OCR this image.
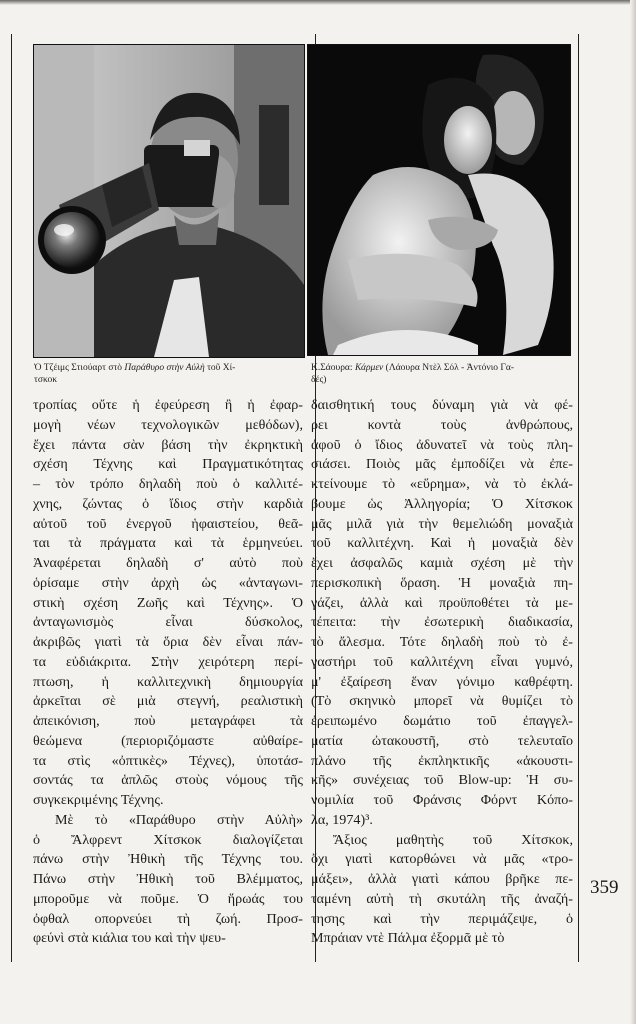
Ὁ Τζέιμς Στιούαρτ στὸ Παράθυρο στὴν Αὐλὴ τοῦ Χί-
τσκοκ
Κ.Σάουρα: Κάρμεν (Λάουρα Ντὲλ Σόλ - Ἀντόνιο Γα-
δές)
τροπίας οὔτε ἡ ἐφεύρεση ἢ ἡ ἐφαρ-
μογὴ νέων τεχνολογικῶν μεθόδων),
ἔχει πάντα σὰν βάση τὴν ἐκρηκτικὴ
σχέση Τέχνης καὶ Πραγματικότητας
– τὸν τρόπο δηλαδὴ ποὺ ὁ καλλιτέ-
χνης, ζώντας ὁ ἴδιος στὴν καρδιὰ
αὐτοῦ τοῦ ἐνεργοῦ ἡφαιστείου, θεᾶ-
ται τὰ πράγματα καὶ τὰ ἑρμηνεύει.
Ἀναφέρεται δηλαδὴ σ' αὐτὸ ποὺ
ὁρίσαμε στὴν ἀρχὴ ὡς «ἀνταγωνι-
στικὴ σχέση Ζωῆς καὶ Τέχνης». Ὁ
ἀνταγωνισμὸς εἶναι δύσκολος,
ἀκριβῶς γιατὶ τὰ ὅρια δὲν εἶναι πάν-
τα εὐδιάκριτα. Στὴν χειρότερη περί-
πτωση, ἡ καλλιτεχνικὴ δημιουργία
ἀρκεῖται σὲ μιὰ στεγνή, ρεαλιστικὴ
ἀπεικόνιση, ποὺ μεταγράφει τὰ
θεώμενα (περιοριζόμαστε αὐθαίρε-
τα στὶς «ὀπτικὲς» Τέχνες), ὑποτάσ-
σοντάς τα ἁπλῶς στοὺς νόμους τῆς
συγκεκριμένης Τέχνης.
Μὲ τὸ «Παράθυρο στὴν Αὐλὴ»
ὁ Ἄλφρεντ Χίτσκοκ διαλογίζεται
πάνω στὴν Ἠθικὴ τῆς Τέχνης του.
Πάνω στὴν Ἠθικὴ τοῦ Βλέμματος,
μποροῦμε νὰ ποῦμε. Ὁ ἥρωάς του
ὀφθαλ οπορνεύει τὴ ζωή. Προσ-
φεύνὶ στὰ κιάλια του καὶ τὴν ψευ-
δαισθητική τους δύναμη γιὰ νὰ φέ-
ρει κοντὰ τοὺς ἀνθρώπους,
ἀφοῦ ὁ ἴδιος ἀδυνατεῖ νὰ τοὺς πλη-
σιάσει. Ποιὸς μᾶς ἐμποδίζει νὰ ἐπε-
κτείνουμε τὸ «εὕρημα», νὰ τὸ ἐκλά-
βουμε ὡς Ἀλληγορία; Ὁ Χίτσκοκ
μᾶς μιλᾶ γιὰ τὴν θεμελιώδη μοναξιὰ
τοῦ καλλιτέχνη. Καὶ ἡ μοναξιὰ δὲν
ἔχει ἀσφαλῶς καμιὰ σχέση μὲ τὴν
περισκοπικὴ ὅραση. Ἡ μοναξιὰ πη-
γάζει, ἀλλὰ καὶ προϋποθέτει τὰ με-
τέπειτα: τὴν ἐσωτερικὴ διαδικασία,
τὸ ἄλεσμα. Τότε δηλαδὴ ποὺ τὸ ἐ-
γαστήρι τοῦ καλλιτέχνη εἶναι γυμνό,
μ' ἐξαίρεση ἕναν γόνιμο καθρέφτη.
(Τὸ σκηνικὸ μπορεῖ νὰ θυμίζει τὸ
ἐρειπωμένο δωμάτιο τοῦ ἐπαγγελ-
ματία ὠτακουστῆ, στὸ τελευταῖο
πλάνο τῆς ἐκπληκτικῆς «ἀκουστι-
κῆς» συνέχειας τοῦ Blow-up: Ἡ συ-
νομιλία τοῦ Φράνσις Φόρντ Κόπο-
λα, 1974)³.
Ἄξιος μαθητὴς τοῦ Χίτσκοκ,
ὄχι γιατὶ κατορθώνει νὰ μᾶς «τρο-
μάξει», ἀλλὰ γιατὶ κάπου βρῆκε πε-
ταμένη αὐτὴ τὴ σκυτάλη τῆς ἀναζή-
τησης καὶ τὴν περιμάζεψε, ὁ
Μπράιαν ντὲ Πάλμα ἐξορμᾶ μὲ τὸ
359
